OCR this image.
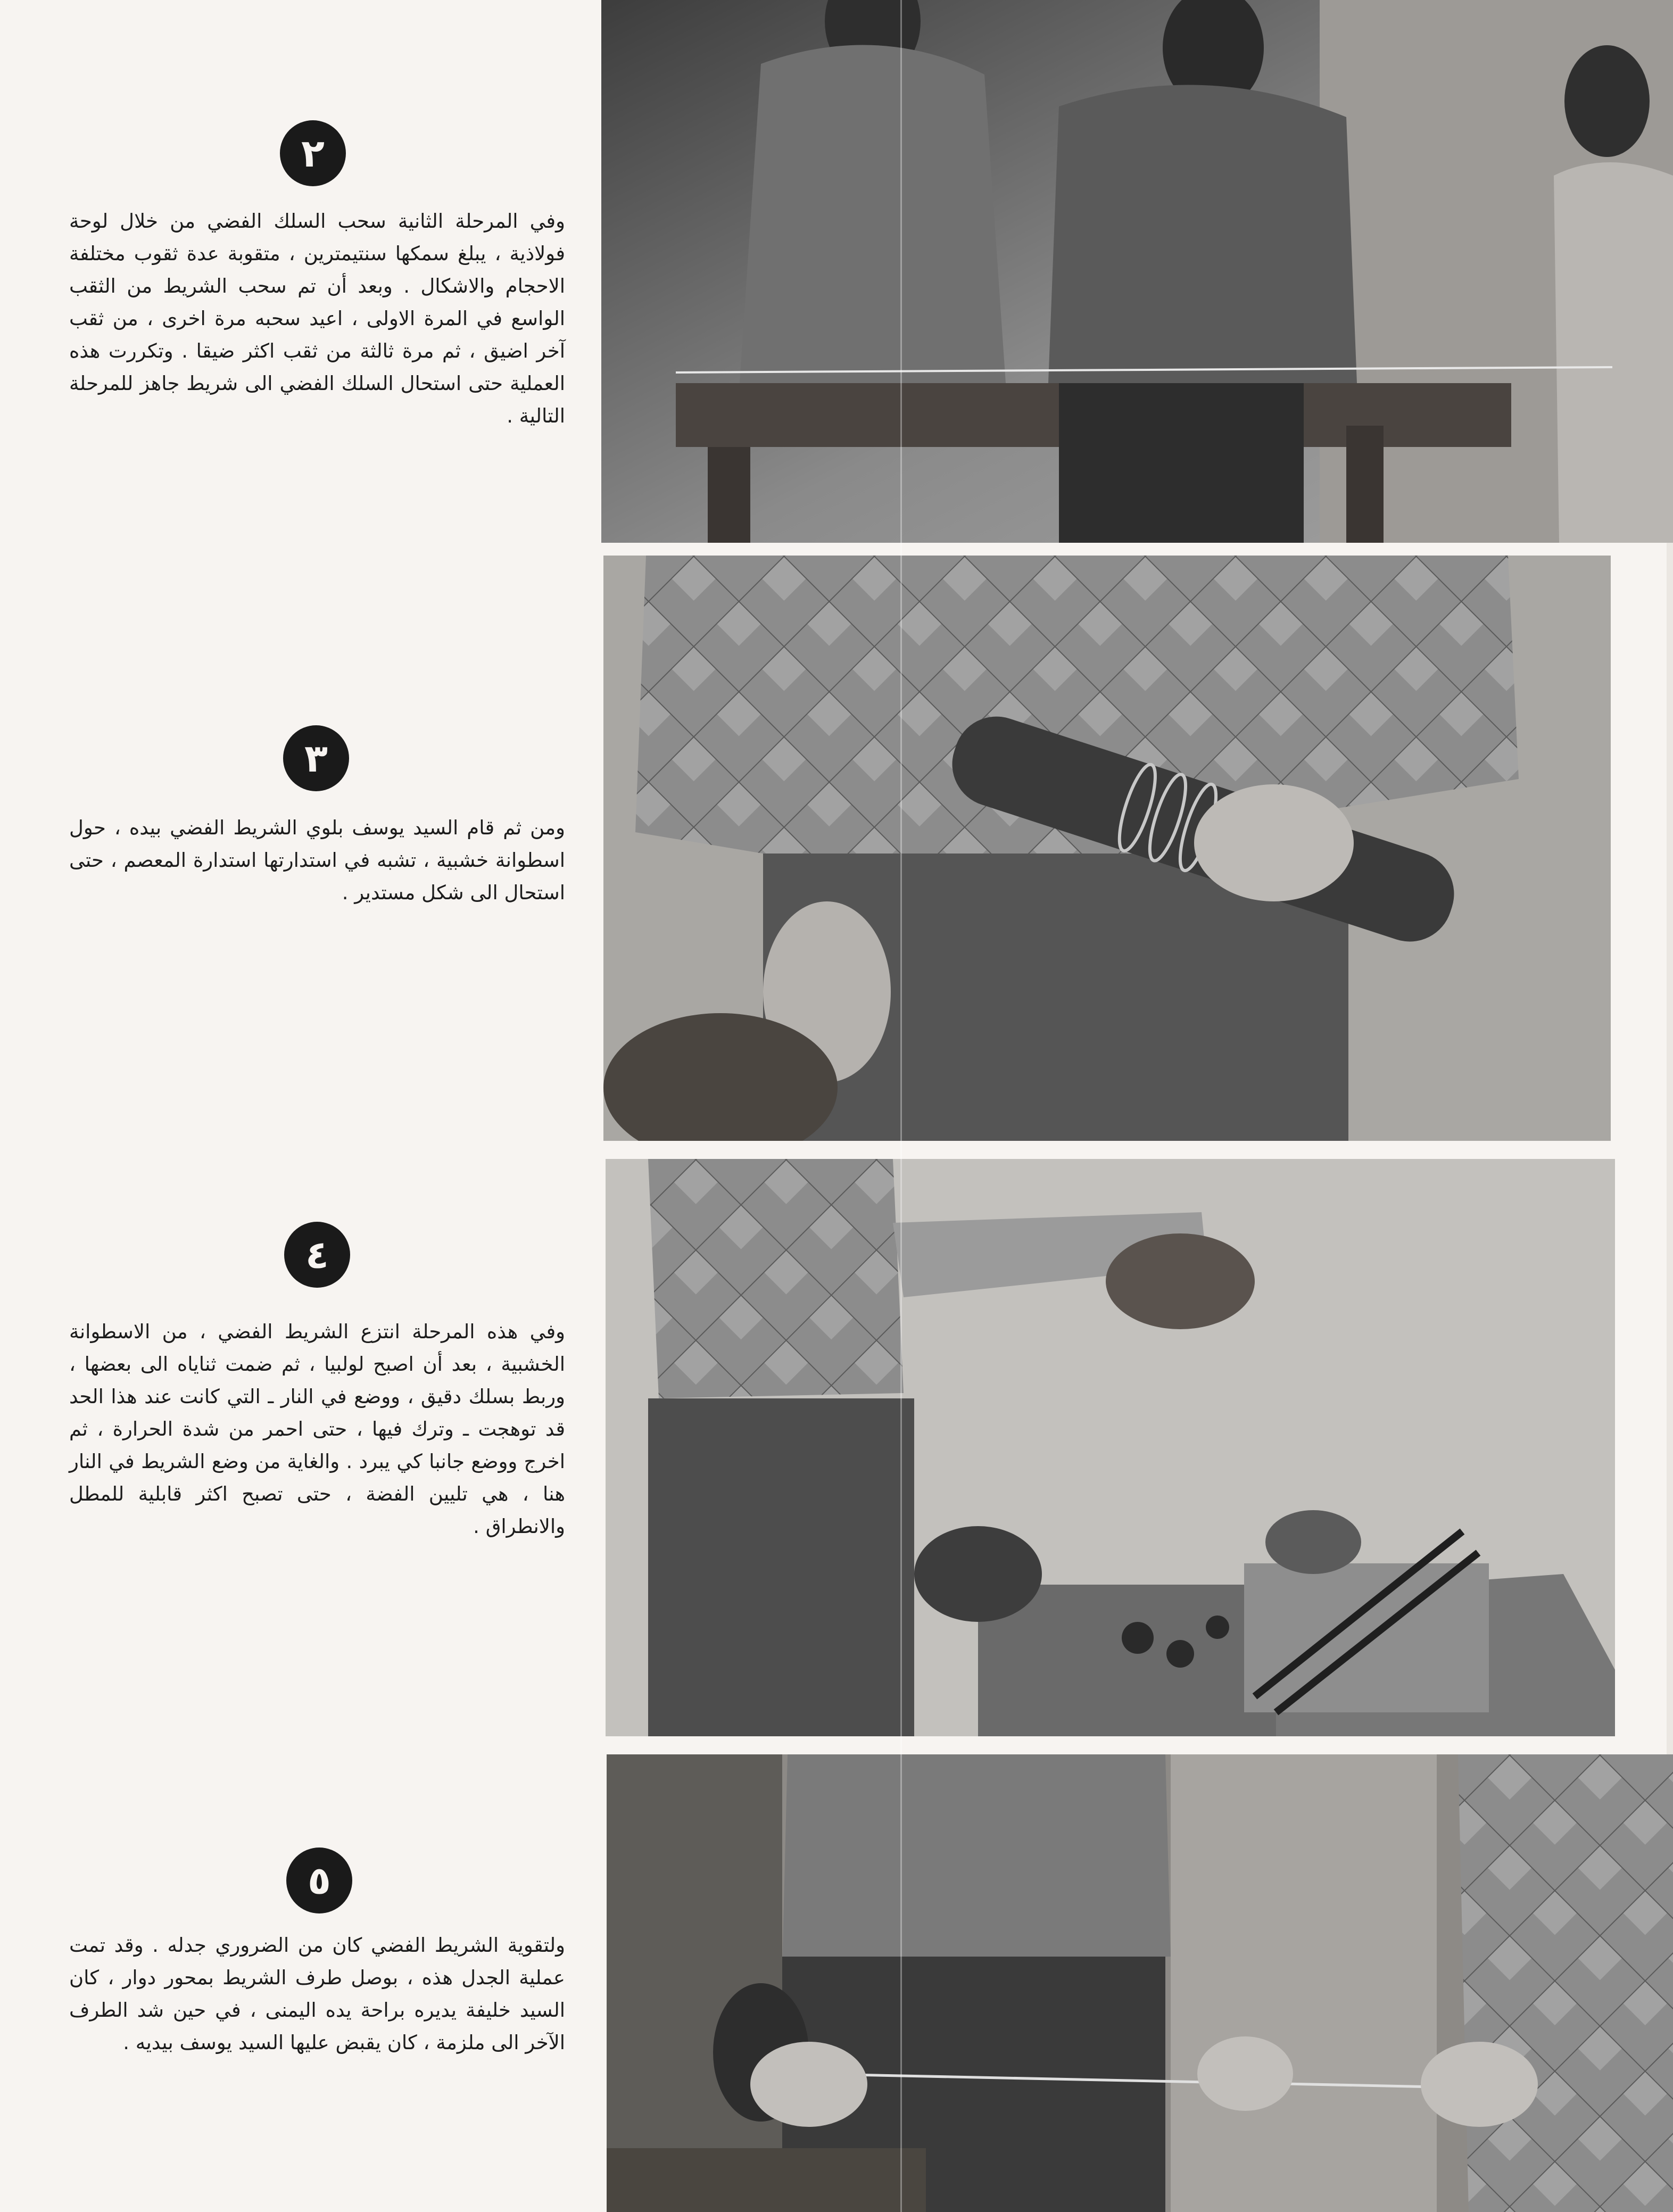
٢
وفي المرحلة الثانية سحب السلك الفضي من خلال لوحة فولاذية ، يبلغ سمكها سنتيمترين ، متقوبة عدة ثقوب مختلفة الاحجام والاشكال . وبعد أن تم سحب الشريط من الثقب الواسع في المرة الاولى ، اعيد سحبه مرة اخرى ، من ثقب آخر اضيق ، ثم مرة ثالثة من ثقب اكثر ضيقا . وتكررت هذه العملية حتى استحال السلك الفضي الى شريط جاهز للمرحلة التالية .
٣
ومن ثم قام السيد يوسف بلوي الشريط الفضي بيده ، حول اسطوانة خشبية ، تشبه في استدارتها استدارة المعصم ، حتى استحال الى شكل مستدير .
٤
وفي هذه المرحلة انتزع الشريط الفضي ، من الاسطوانة الخشبية ، بعد أن اصبح لولبيا ، ثم ضمت ثناياه الى بعضها ، وربط بسلك دقيق ، ووضع في النار ـ التي كانت عند هذا الحد قد توهجت ـ وترك فيها ، حتى احمر من شدة الحرارة ، ثم اخرج ووضع جانبا كي يبرد . والغاية من وضع الشريط في النار هنا ، هي تليين الفضة ، حتى تصبح اكثر قابلية للمطل والانطراق .
٥
ولتقوية الشريط الفضي كان من الضروري جدله . وقد تمت عملية الجدل هذه ، بوصل طرف الشريط بمحور دوار ، كان السيد خليفة يديره براحة يده اليمنى ، في حين شد الطرف الآخر الى ملزمة ، كان يقبض عليها السيد يوسف بيديه .
